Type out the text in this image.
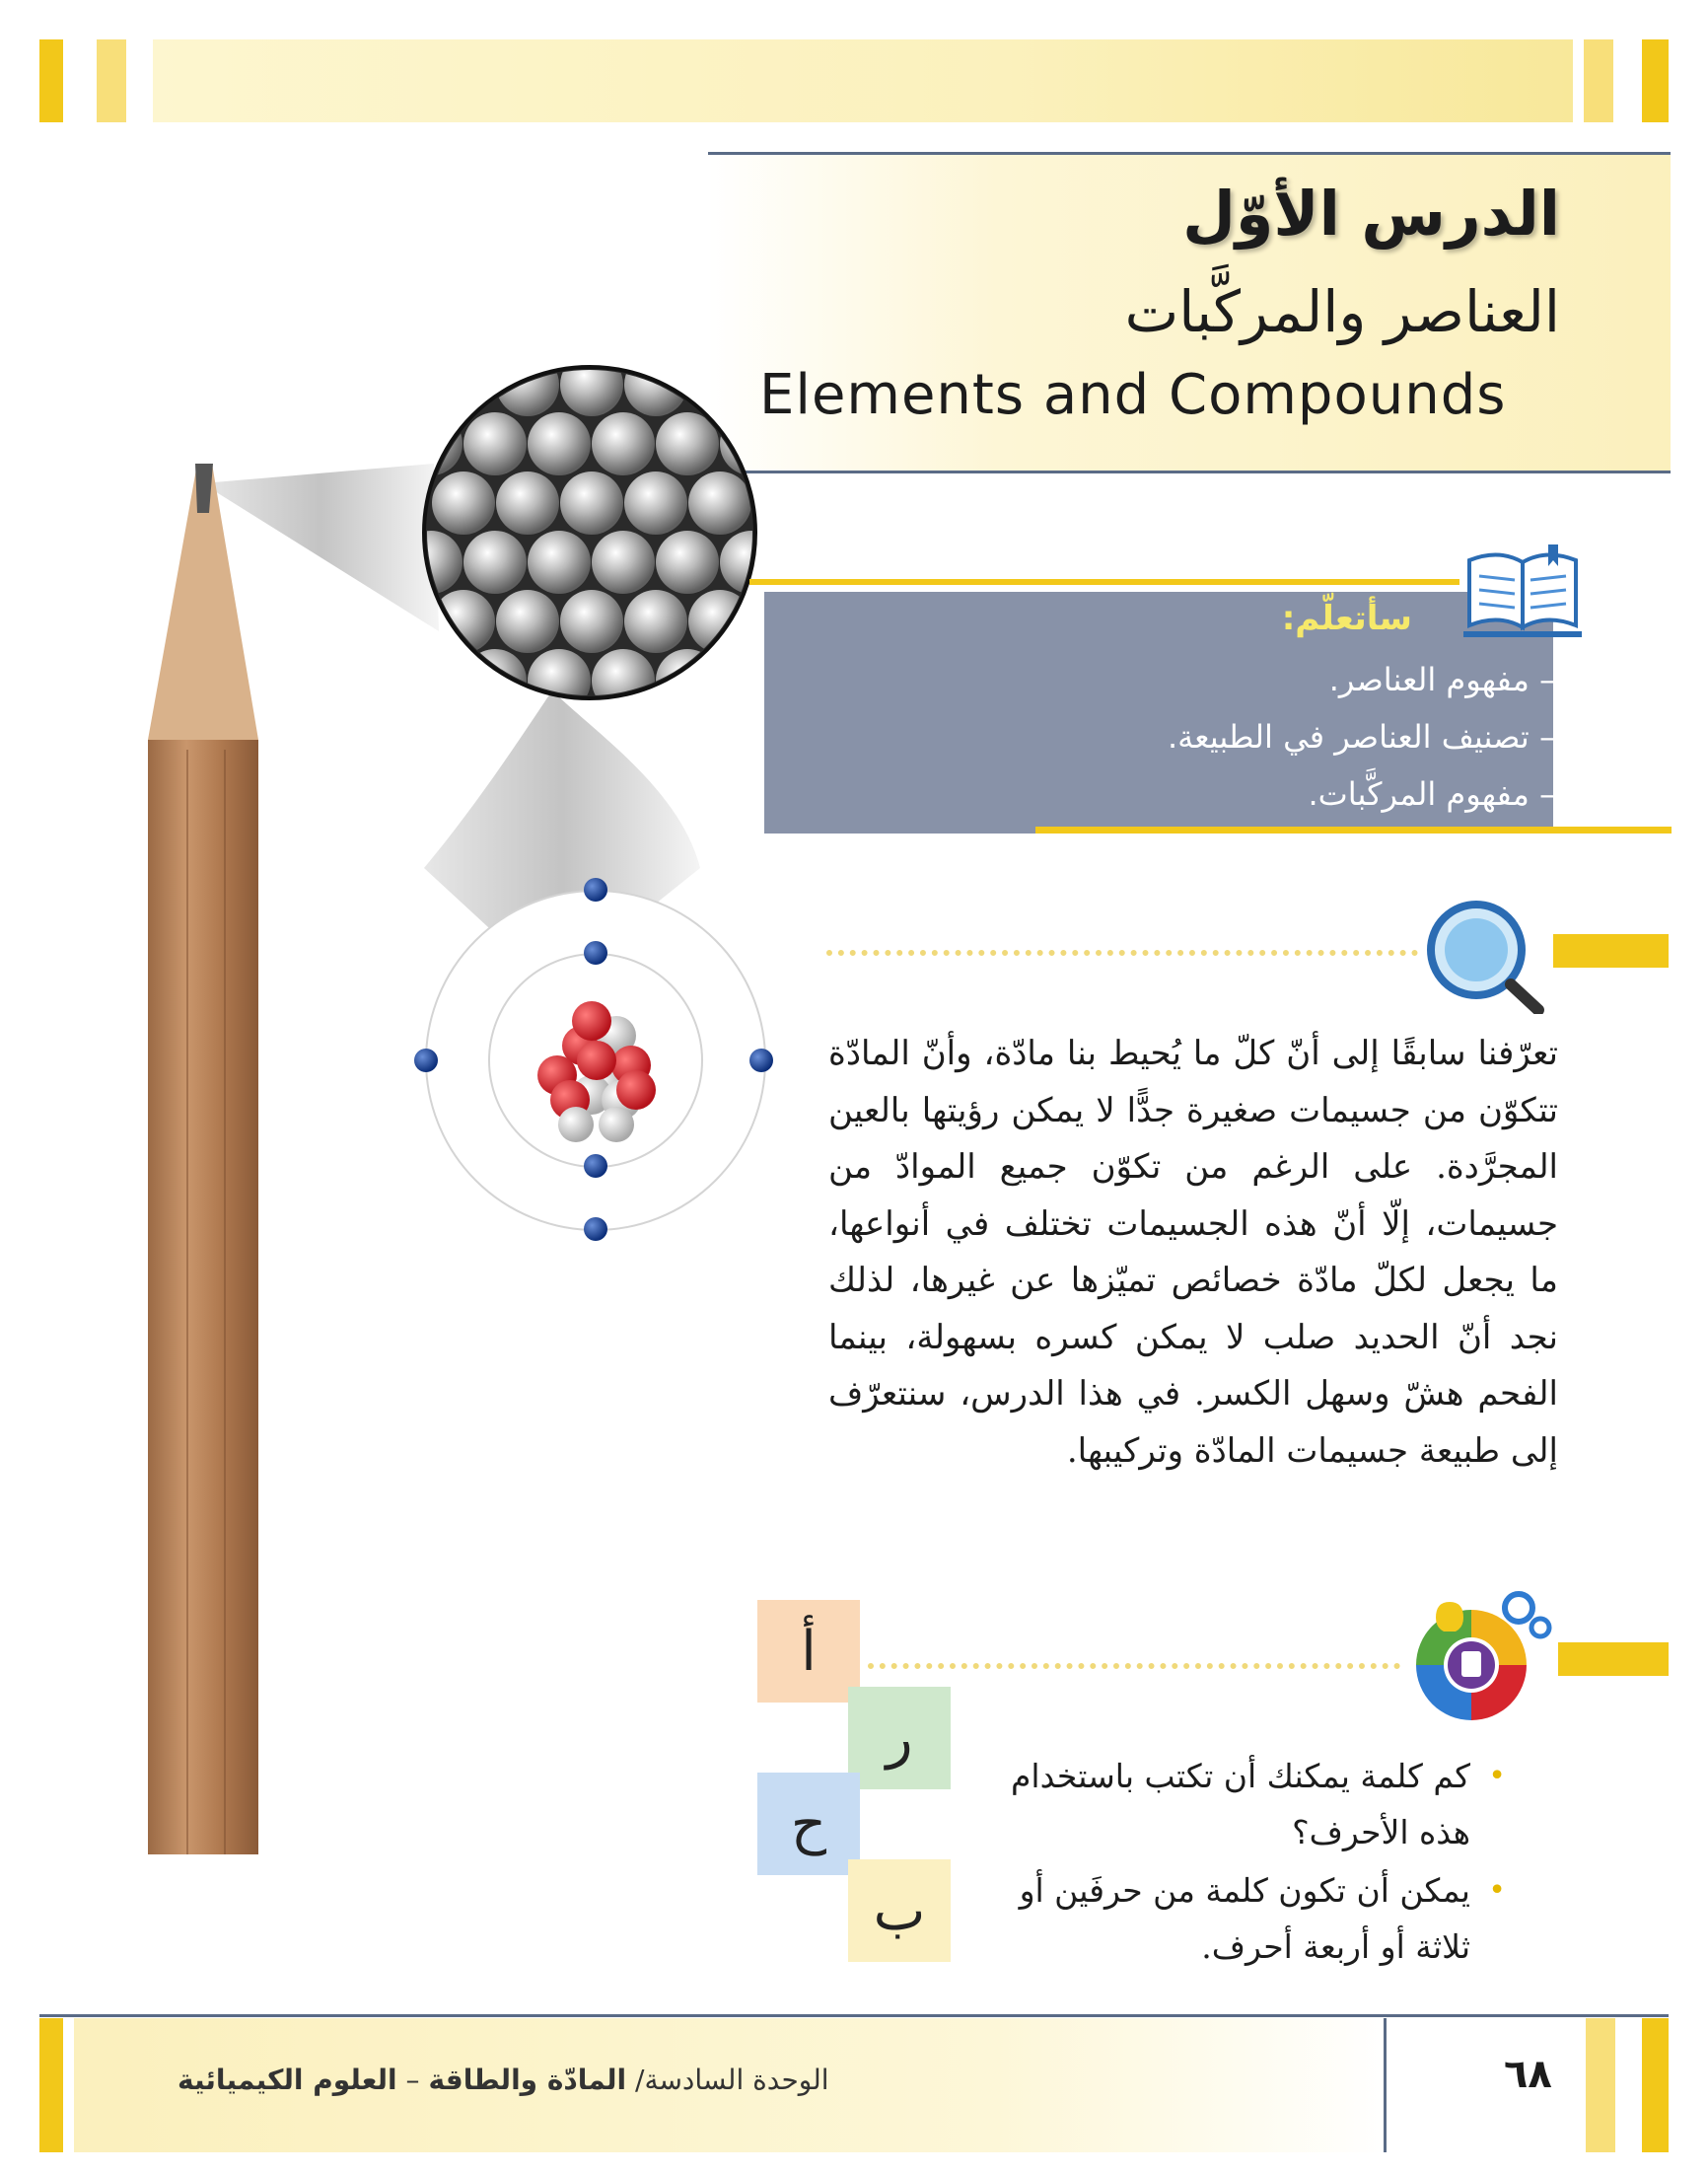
الدرس الأوّل
العناصر والمركَّبات
Elements and Compounds
سأتعلّم:
– مفهوم العناصر.
– تصنيف العناصر في الطبيعة.
– مفهوم المركَّبات.
تعرّفنا سابقًا إلى أنّ كلّ ما يُحيط بنا مادّة، وأنّ المادّة تتكوّن من جسيمات صغيرة جدًّا لا يمكن رؤيتها بالعين المجرَّدة. على الرغم من تكوّن جميع الموادّ من جسيمات، إلّا أنّ هذه الجسيمات تختلف في أنواعها، ما يجعل لكلّ مادّة خصائص تميّزها عن غيرها، لذلك نجد أنّ الحديد صلب لا يمكن كسره بسهولة، بينما الفحم هشّ وسهل الكسر. في هذا الدرس، سنتعرّف إلى طبيعة جسيمات المادّة وتركيبها.
أ
ر
ح
ب
•
كم كلمة يمكنك أن تكتب باستخدام هذه الأحرف؟
•
يمكن أن تكون كلمة من حرفَين أو ثلاثة أو أربعة أحرف.
الوحدة السادسة/ المادّة والطاقة – العلوم الكيميائية	٦٨
